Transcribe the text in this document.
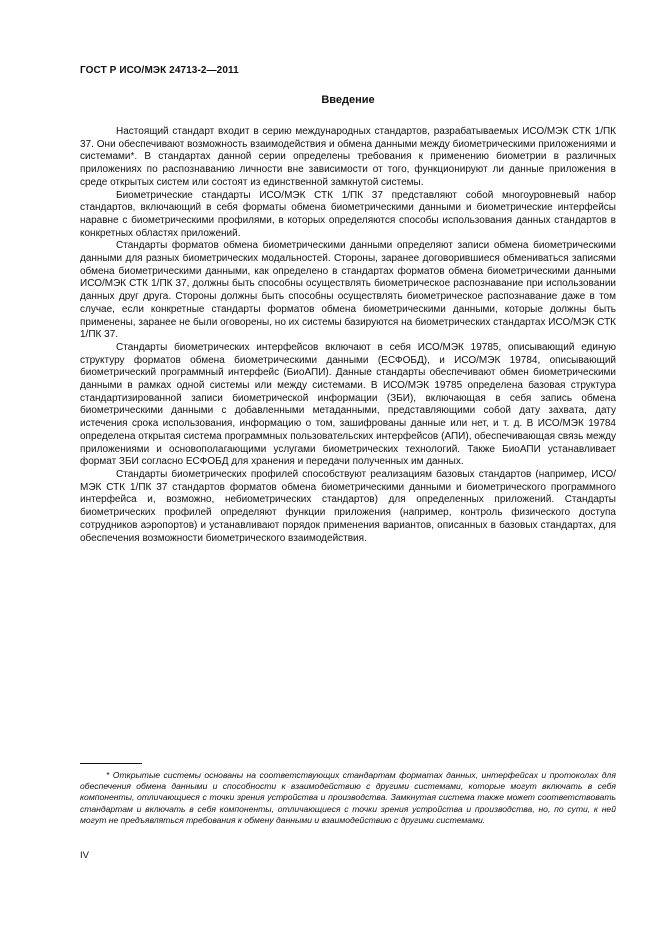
ГОСТ Р ИСО/МЭК 24713-2—2011
Введение

Настоящий стандарт входит в серию международных стандартов, разрабатываемых ИСО/МЭК СТК 1/ПК 37. Они обеспечивают возможность взаимодействия и обмена данными между биометрическими приложениями и системами*. В стандартах данной серии определены требования к применению биометрии в различных приложениях по распознаванию личности вне зависимости от того, функционируют ли данные приложения в среде открытых систем или состоят из единственной замкнутой системы.

Биометрические стандарты ИСО/МЭК СТК 1/ПК 37 представляют собой многоуровневый набор стандартов, включающий в себя форматы обмена биометрическими данными и биометрические интерфейсы наравне с биометрическими профилями, в которых определяются способы использования данных стандартов в конкретных областях приложений.

Стандарты форматов обмена биометрическими данными определяют записи обмена биометрическими данными для разных биометрических модальностей. Стороны, заранее договорившиеся обмениваться записями обмена биометрическими данными, как определено в стандартах форматов обмена биометрическими данными ИСО/МЭК СТК 1/ПК 37, должны быть способны осуществлять биометрическое распознавание при использовании данных друг друга. Стороны должны быть способны осуществлять биометрическое распознавание даже в том случае, если конкретные стандарты форматов обмена биометрическими данными, которые должны быть применены, заранее не были оговорены, но их системы базируются на биометрических стандартах ИСО/МЭК СТК 1/ПК 37.

Стандарты биометрических интерфейсов включают в себя ИСО/МЭК 19785, описывающий единую структуру форматов обмена биометрическими данными (ЕСФОБД), и ИСО/МЭК 19784, описывающий биометрический программный интерфейс (БиоАПИ). Данные стандарты обеспечивают обмен биометрическими данными в рамках одной системы или между системами. В ИСО/МЭК 19785 определена базовая структура стандартизированной записи биометрической информации (ЗБИ), включающая в себя запись обмена биометрическими данными с добавленными метаданными, представляющими собой дату захвата, дату истечения срока использования, информацию о том, зашифрованы данные или нет, и т. д. В ИСО/МЭК 19784 определена открытая система программных пользовательских интерфейсов (АПИ), обеспечивающая связь между приложениями и основополагающими услугами биометрических технологий. Также БиоАПИ устанавливает формат ЗБИ согласно ЕСФОБД для хранения и передачи полученных им данных.

Стандарты биометрических профилей способствуют реализациям базовых стандартов (например, ИСО/МЭК СТК 1/ПК 37 стандартов форматов обмена биометрическими данными и биометрического программного интерфейса и, возможно, небиометрических стандартов) для определенных приложений. Стандарты биометрических профилей определяют функции приложения (например, контроль физического доступа сотрудников аэропортов) и устанавливают порядок применения вариантов, описанных в базовых стандартах, для обеспечения возможности биометрического взаимодействия.

* Открытые системы основаны на соответствующих стандартам форматах данных, интерфейсах и протоколах для обеспечения обмена данными и способности к взаимодействию с другими системами, которые могут включать в себя компоненты, отличающиеся с точки зрения устройства и производства. Замкнутая система также может соответствовать стандартам и включать в себя компоненты, отличающиеся с точки зрения устройства и производства, но, по сути, к ней могут не предъявляться требования к обмену данными и взаимодействию с другими системами.

IV
